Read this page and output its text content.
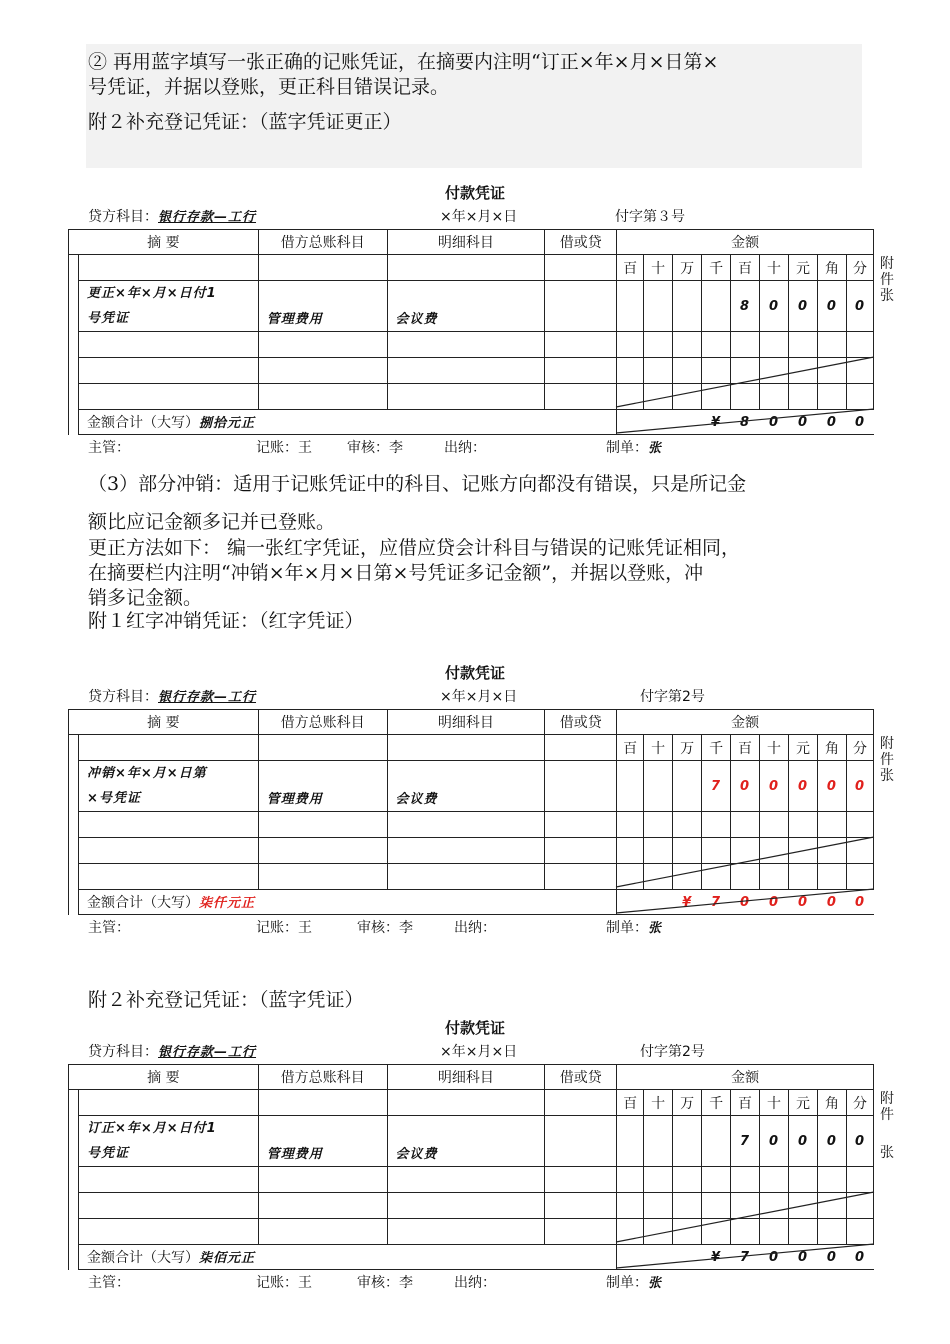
② 再用蓝字填写一张正确的记账凭证，在摘要内注明“订正×年×月×日第×

号凭证，并据以登账，更正科目错误记录。

附２补充登记凭证：（蓝字凭证更正）

（3）部分冲销：适用于记账凭证中的科目、记账方向都没有错误，只是所记金

额比应记金额多记并已登账。

更正方法如下： 编一张红字凭证，应借应贷会计科目与错误的记账凭证相同，

在摘要栏内注明“冲销×年×月×日第×号凭证多记金额”，并据以登账，冲

销多记金额。

附１红字冲销凭证：（红字凭证）

附２补充登记凭证：（蓝字凭证）

付款凭证
贷方科目：银行存款—工行	×年×月×日	付字第３号
摘 要		借方总账科目	明细科目	借或贷	金额								
					百	十	万	千	百	十	元	角	分

	更正×年×月×日付1
号凭证	管理费用	会议费						8	0	0	0	0

	金额合计（大写）捌拾元正							¥	8	0	0	0	0
附
件
张
主管：	记账：王	审核：李	出纳：	制单：张
付款凭证
贷方科目：银行存款—工行	×年×月×日	付字第2号
摘 要		借方总账科目	明细科目	借或贷	金额								
					百	十	万	千	百	十	元	角	分

	冲销×年×月×日第
×号凭证	管理费用	会议费					7	0	0	0	0	0

	金额合计（大写）柒仟元正						¥	7	0	0	0	0	0
附
件
张
主管：	记账：王	审核：李	出纳：	制单：张
付款凭证
贷方科目：银行存款—工行	×年×月×日	付字第2号
摘 要		借方总账科目	明细科目	借或贷	金额								
					百	十	万	千	百	十	元	角	分

	订正×年×月×日付1
号凭证	管理费用	会议费						7	0	0	0	0

	金额合计（大写）柒佰元正							¥	7	0	0	0	0
附
件
张
主管：	记账：王	审核：李	出纳：	制单：张
